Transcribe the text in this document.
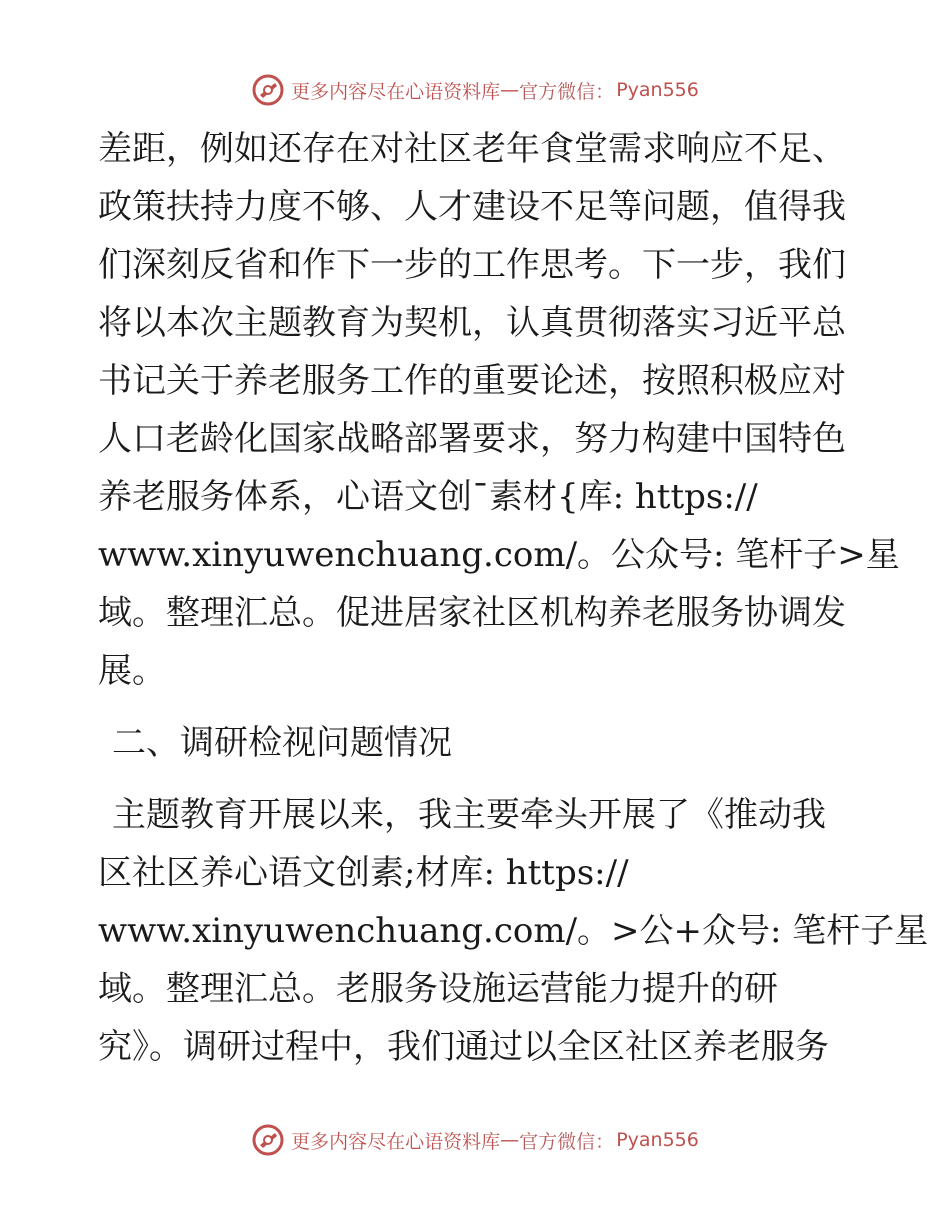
更多内容尽在心语资料库 — 官方微信： Pyan556
差距，例如还存在对社区老年食堂需求响应不足、
政策扶持力度不够、人才建设不足等问题，值得我
们深刻反省和作下一步的工作思考。下一步，我们
将以本次主题教育为契机，认真贯彻落实习近平总
书记关于养老服务工作的重要论述，按照积极应对
人口老龄化国家战略部署要求，努力构建中国特色
养老服务体系，心语文创¯素材{库: https://
www.xinyuwenchuang.com/。公众号: 笔杆子>星
域。整理汇总。促进居家社区机构养老服务协调发
展。
二、调研检视问题情况
主题教育开展以来，我主要牵头开展了《推动我
区社区养心语文创素;材库: https://
www.xinyuwenchuang.com/。>公+众号: 笔杆子星
域。整理汇总。老服务设施运营能力提升的研
究》。调研过程中，我们通过以全区社区养老服务
更多内容尽在心语资料库 — 官方微信： Pyan556
